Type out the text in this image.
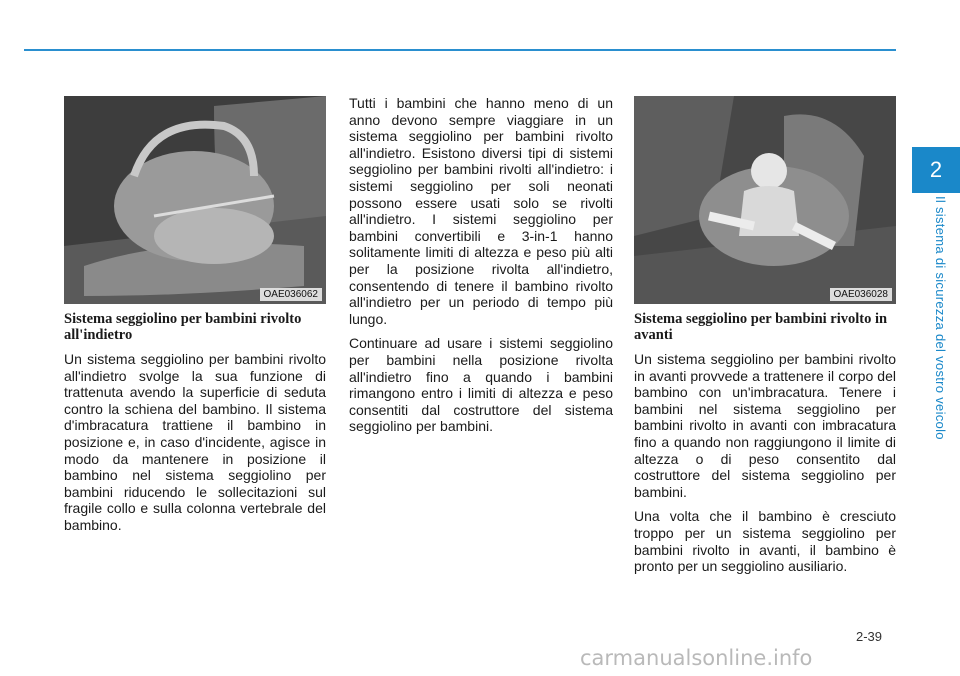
2
Il sistema di sicurezza del vostro veicolo
OAE036062	OAE036028
Sistema seggiolino per bambini rivolto all'indietro

Un sistema seggiolino per bambini rivolto all'indietro svolge la sua funzione di trattenuta avendo la superficie di seduta contro la schiena del bambino. Il sistema d'imbracatura trattiene il bambino in posizione e, in caso d'incidente, agisce in modo da mantenere in posizione il bambino nel sistema seggiolino per bambini riducendo le sollecitazioni sul fragile collo e sulla colonna vertebrale del bambino.

Tutti i bambini che hanno meno di un anno devono sempre viaggiare in un sistema seggiolino per bambini rivolto all'indietro. Esistono diversi tipi di sistemi seggiolino per bambini rivolti all'indietro: i sistemi seggiolino per soli neonati possono essere usati solo se rivolti all'indietro. I sistemi seggiolino per bambini convertibili e 3-in-1 hanno solitamente limiti di altezza e peso più alti per la posizione rivolta all'indietro, consentendo di tenere il bambino rivolto all'indietro per un periodo di tempo più lungo.

Continuare ad usare i sistemi seggiolino per bambini nella posizione rivolta all'indietro fino a quando i bambini rimangono entro i limiti di altezza e peso consentiti dal costruttore del sistema seggiolino per bambini.

Sistema seggiolino per bambini rivolto in avanti

Un sistema seggiolino per bambini rivolto in avanti provvede a trattenere il corpo del bambino con un'imbracatura. Tenere i bambini nel sistema seggiolino per bambini rivolto in avanti con imbracatura fino a quando non raggiungono il limite di altezza o di peso consentito dal costruttore del sistema seggiolino per bambini.

Una volta che il bambino è cresciuto troppo per un sistema seggiolino per bambini rivolto in avanti, il bambino è pronto per un seggiolino ausiliario.

2-39
carmanualsonline.info
